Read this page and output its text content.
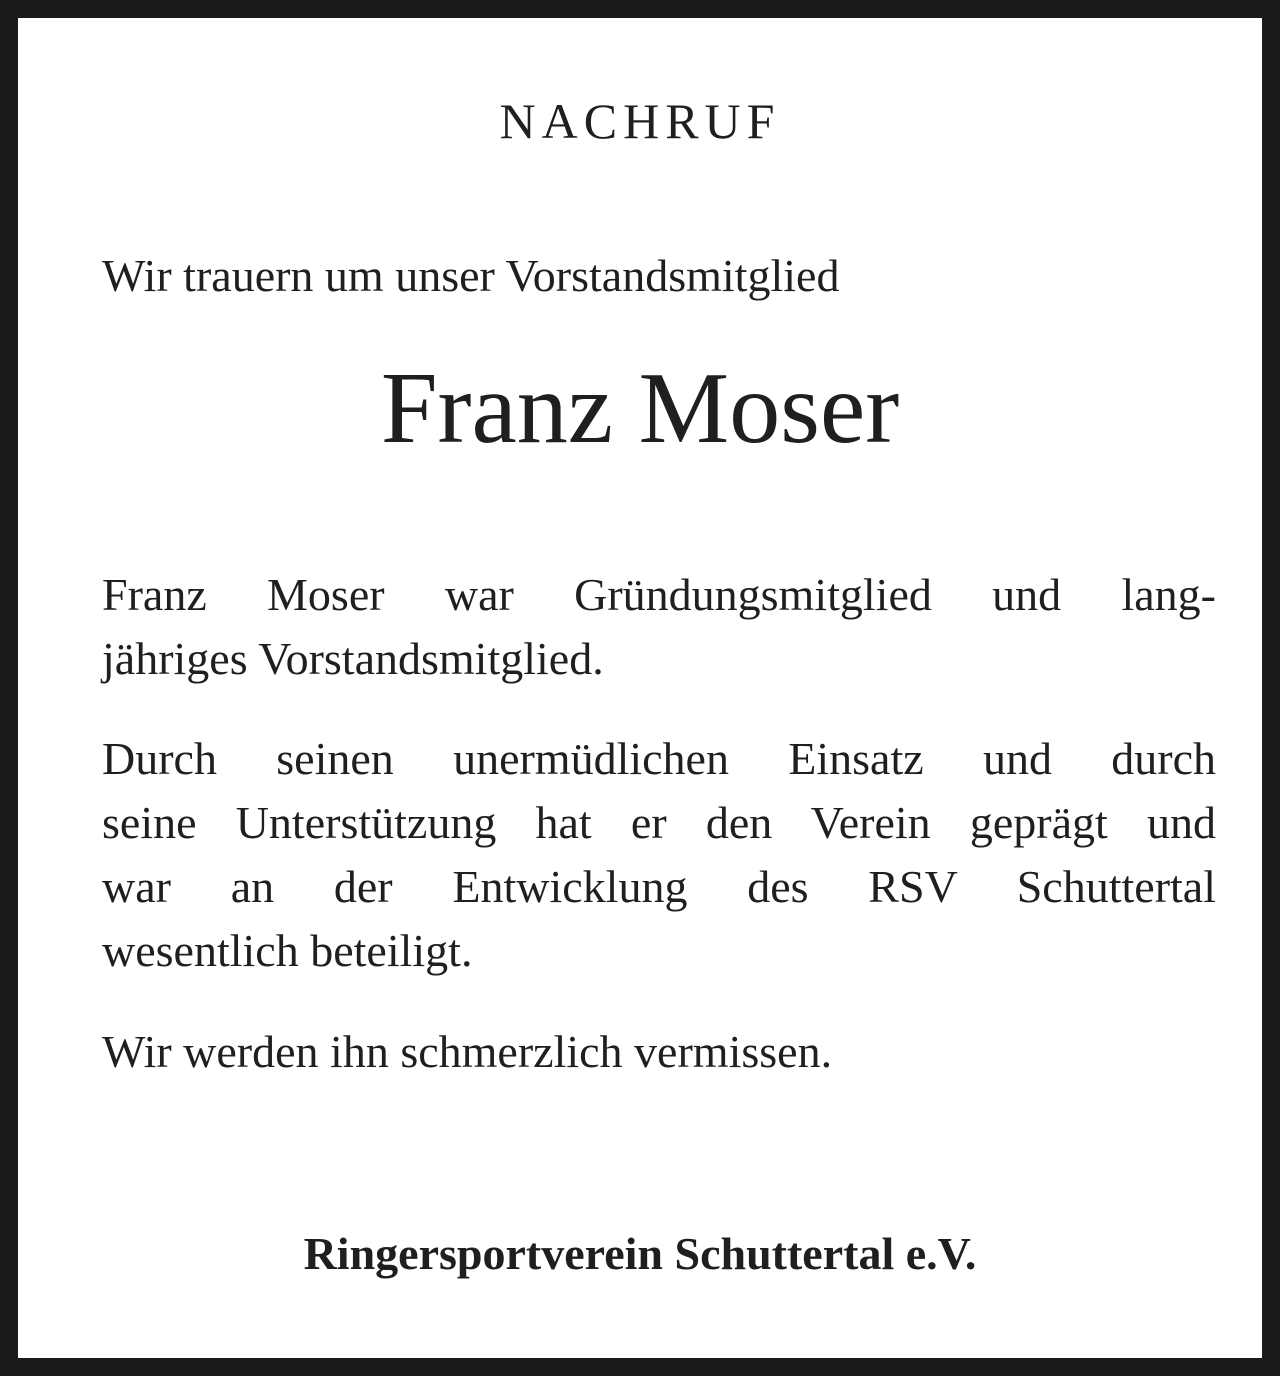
NACHRUF
Wir trauern um unser Vorstandsmitglied
Franz Moser
Franz Moser war Gründungsmitglied und lang-
jähriges Vorstandsmitglied.
Durch seinen unermüdlichen Einsatz und durch
seine Unterstützung hat er den Verein geprägt und
war an der Entwicklung des RSV Schuttertal
wesentlich beteiligt.
Wir werden ihn schmerzlich vermissen.
Ringersportverein Schuttertal e.V.
